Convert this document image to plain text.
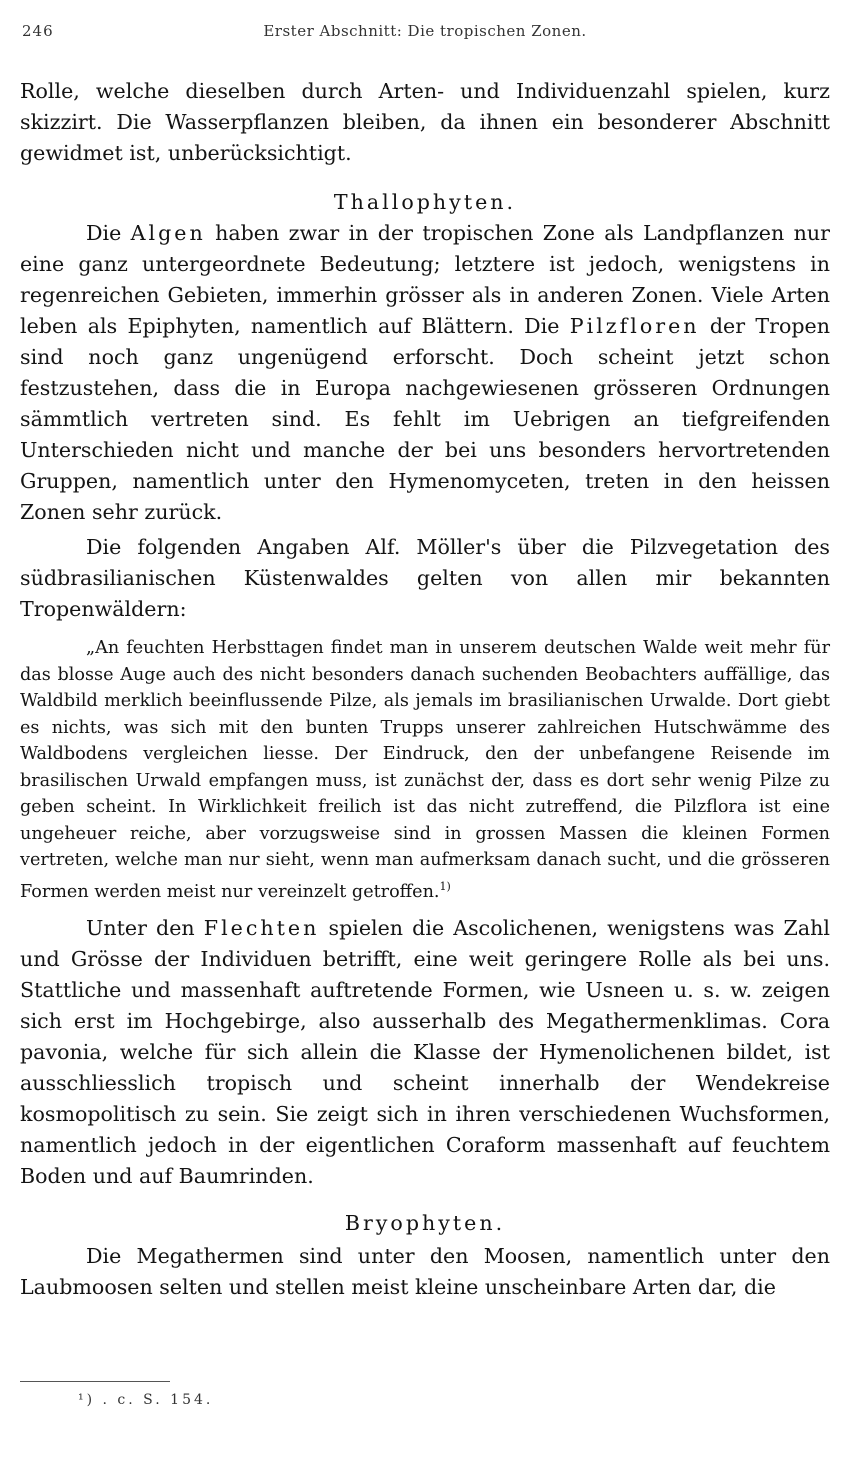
246	Erster Abschnitt: Die tropischen Zonen.

Rolle, welche dieselben durch Arten- und Individuenzahl spielen, kurz skizzirt. Die Wasserpflanzen bleiben, da ihnen ein besonderer Abschnitt gewidmet ist, unberücksichtigt.

Thallophyten.

Die Algen haben zwar in der tropischen Zone als Landpflanzen nur eine ganz untergeordnete Bedeutung; letztere ist jedoch, wenigstens in regenreichen Gebieten, immerhin grösser als in anderen Zonen. Viele Arten leben als Epiphyten, namentlich auf Blättern. Die Pilzfloren der Tropen sind noch ganz ungenügend erforscht. Doch scheint jetzt schon festzustehen, dass die in Europa nachgewiesenen grösseren Ordnungen sämmtlich vertreten sind. Es fehlt im Uebrigen an tiefgreifenden Unterschieden nicht und manche der bei uns besonders hervortretenden Gruppen, namentlich unter den Hymenomyceten, treten in den heissen Zonen sehr zurück.

Die folgenden Angaben Alf. Möller's über die Pilzvegetation des südbrasilianischen Küstenwaldes gelten von allen mir bekannten Tropenwäldern:

„An feuchten Herbsttagen findet man in unserem deutschen Walde weit mehr für das blosse Auge auch des nicht besonders danach suchenden Beobachters auffällige, das Waldbild merklich beeinflussende Pilze, als jemals im brasilianischen Urwalde. Dort giebt es nichts, was sich mit den bunten Trupps unserer zahlreichen Hutschwämme des Waldbodens vergleichen liesse. Der Eindruck, den der unbefangene Reisende im brasilischen Urwald empfangen muss, ist zunächst der, dass es dort sehr wenig Pilze zu geben scheint. In Wirklichkeit freilich ist das nicht zutreffend, die Pilzflora ist eine ungeheuer reiche, aber vorzugsweise sind in grossen Massen die kleinen Formen vertreten, welche man nur sieht, wenn man aufmerksam danach sucht, und die grösseren Formen werden meist nur vereinzelt getroffen.$^{1)}$

Unter den Flechten spielen die Ascolichenen, wenigstens was Zahl und Grösse der Individuen betrifft, eine weit geringere Rolle als bei uns. Stattliche und massenhaft auftretende Formen, wie Usneen u. s. w. zeigen sich erst im Hochgebirge, also ausserhalb des Megathermenklimas. Cora pavonia, welche für sich allein die Klasse der Hymenolichenen bildet, ist ausschliesslich tropisch und scheint innerhalb der Wendekreise kosmopolitisch zu sein. Sie zeigt sich in ihren verschiedenen Wuchsformen, namentlich jedoch in der eigentlichen Coraform massenhaft auf feuchtem Boden und auf Baumrinden.

Bryophyten.

Die Megathermen sind unter den Moosen, namentlich unter den Laubmoosen selten und stellen meist kleine unscheinbare Arten dar, die

¹) . c. S. 154.
